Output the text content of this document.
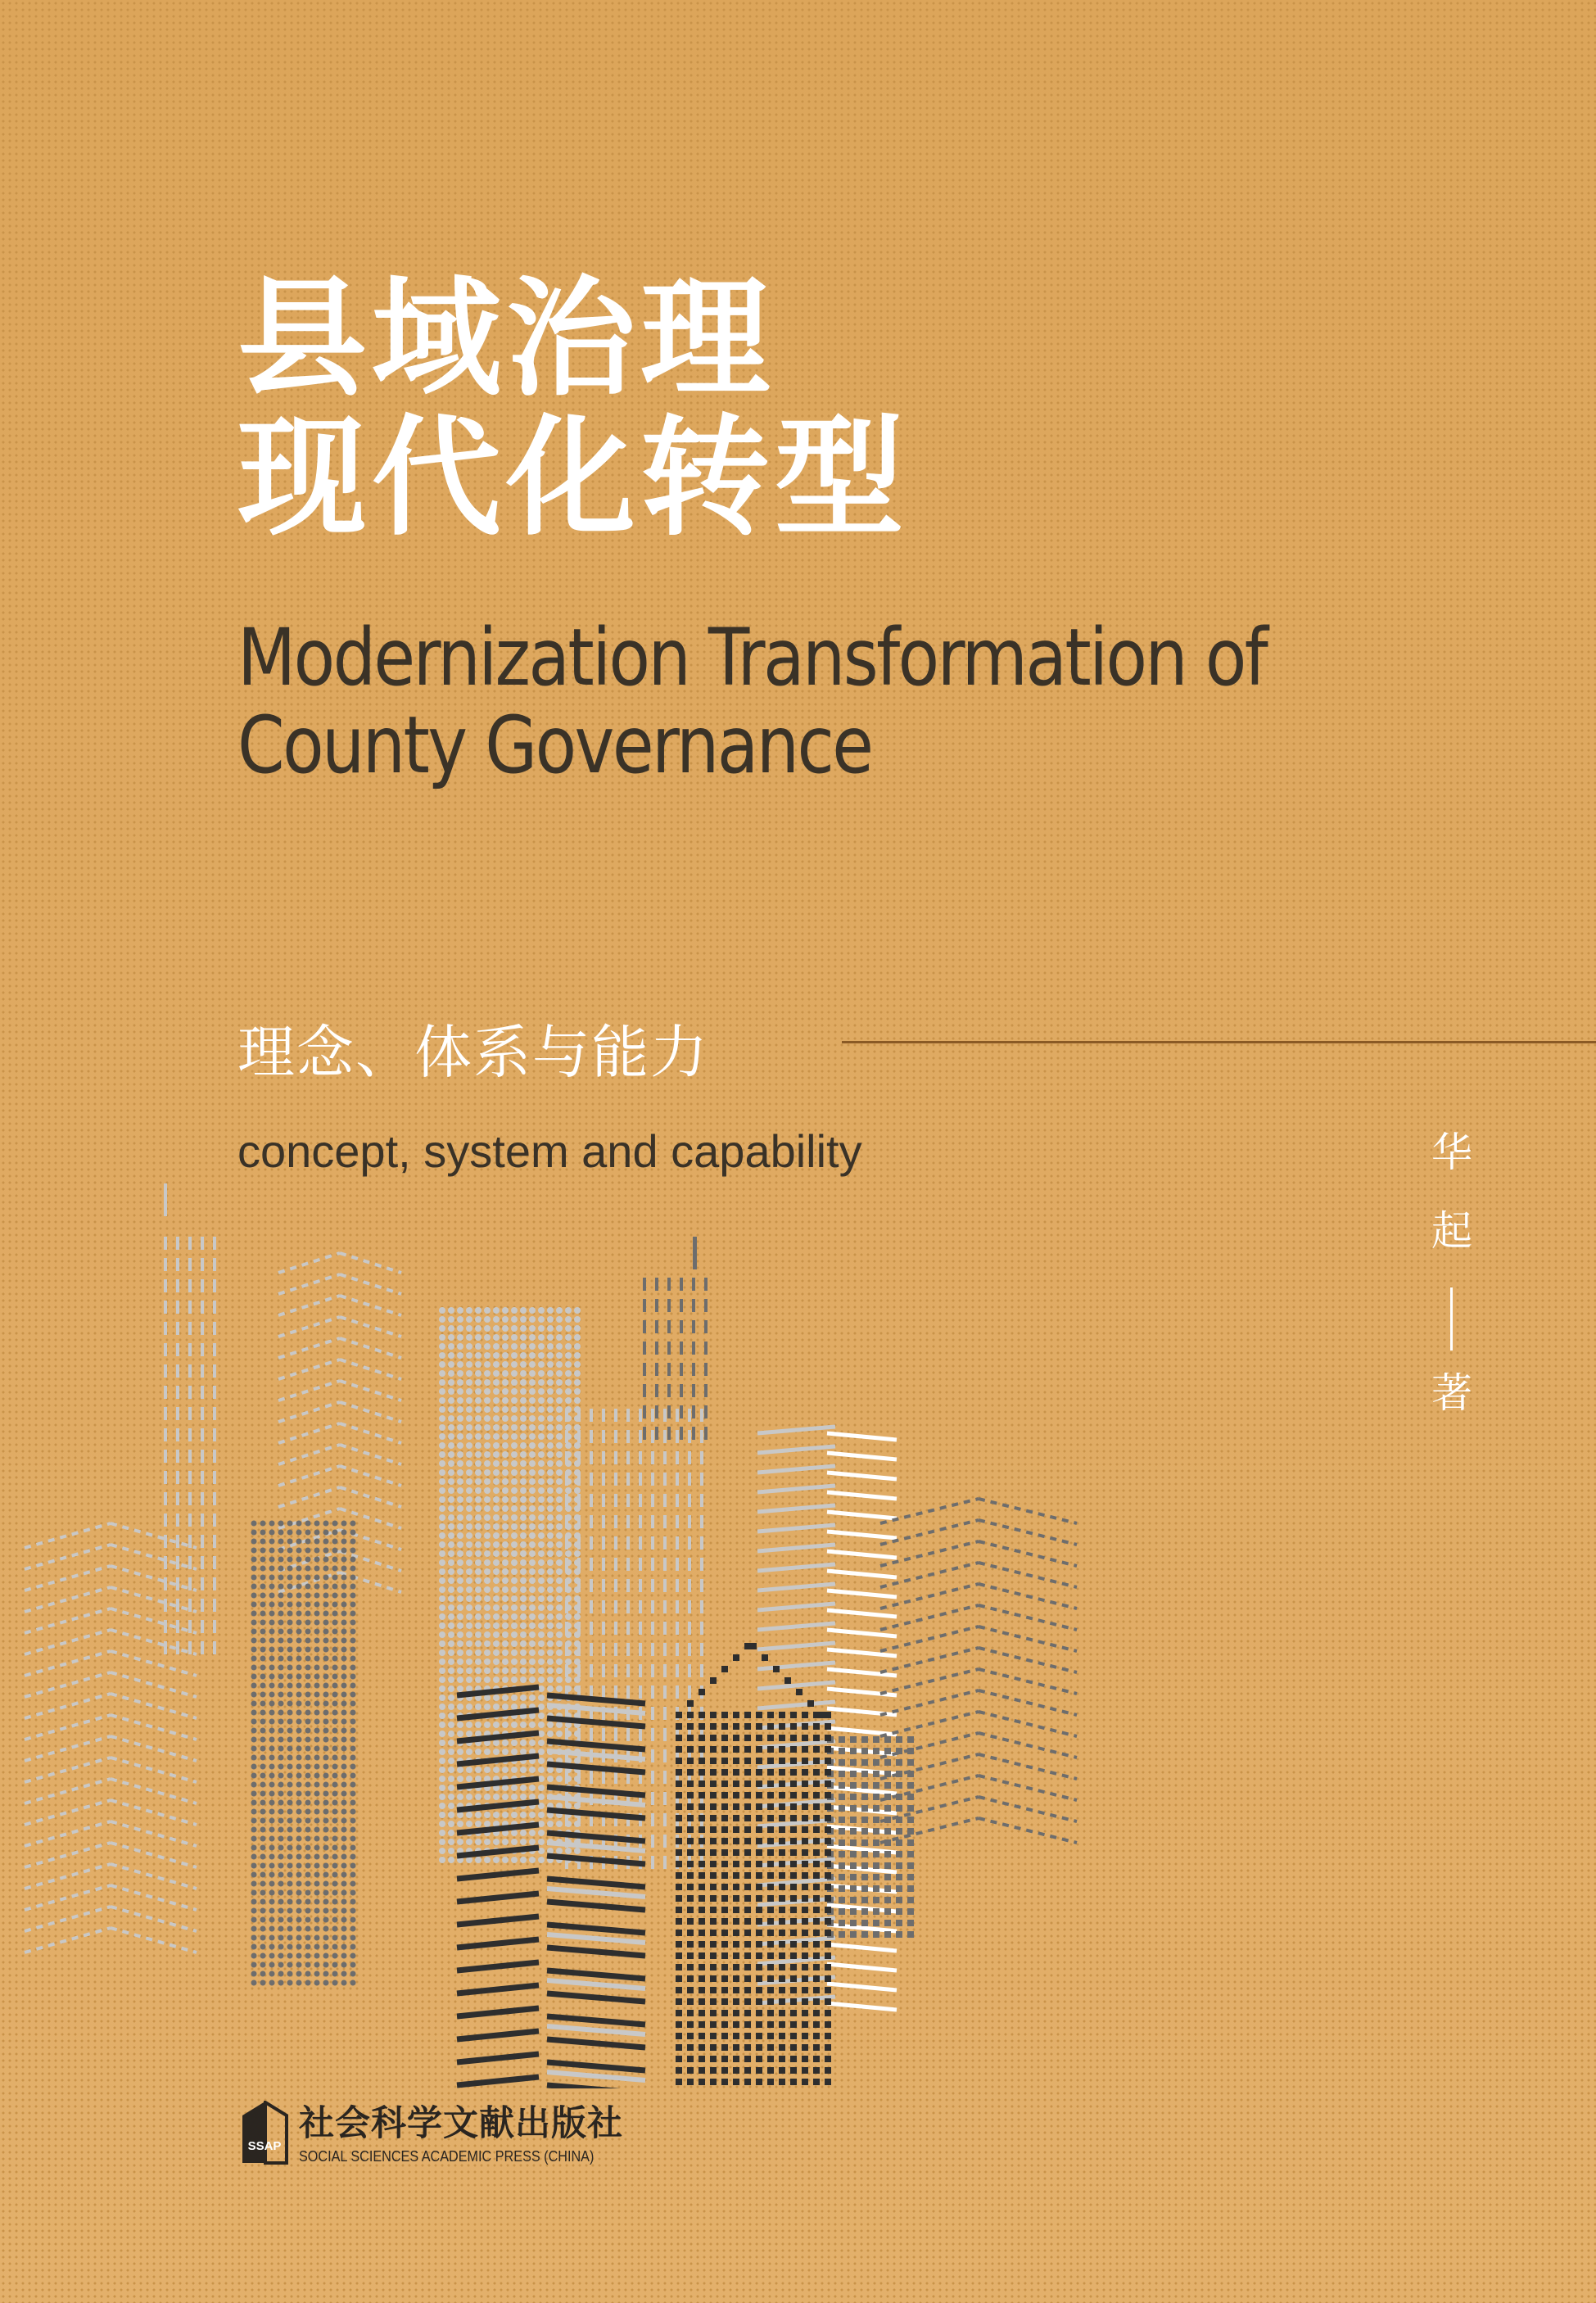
县域治理
现代化转型
Modernization Transformation of
County Governance
理念、体系与能力
concept, system and capability	华
起
著
SSAP
社会科学文献出版社
SOCIAL SCIENCES ACADEMIC PRESS (CHINA)
